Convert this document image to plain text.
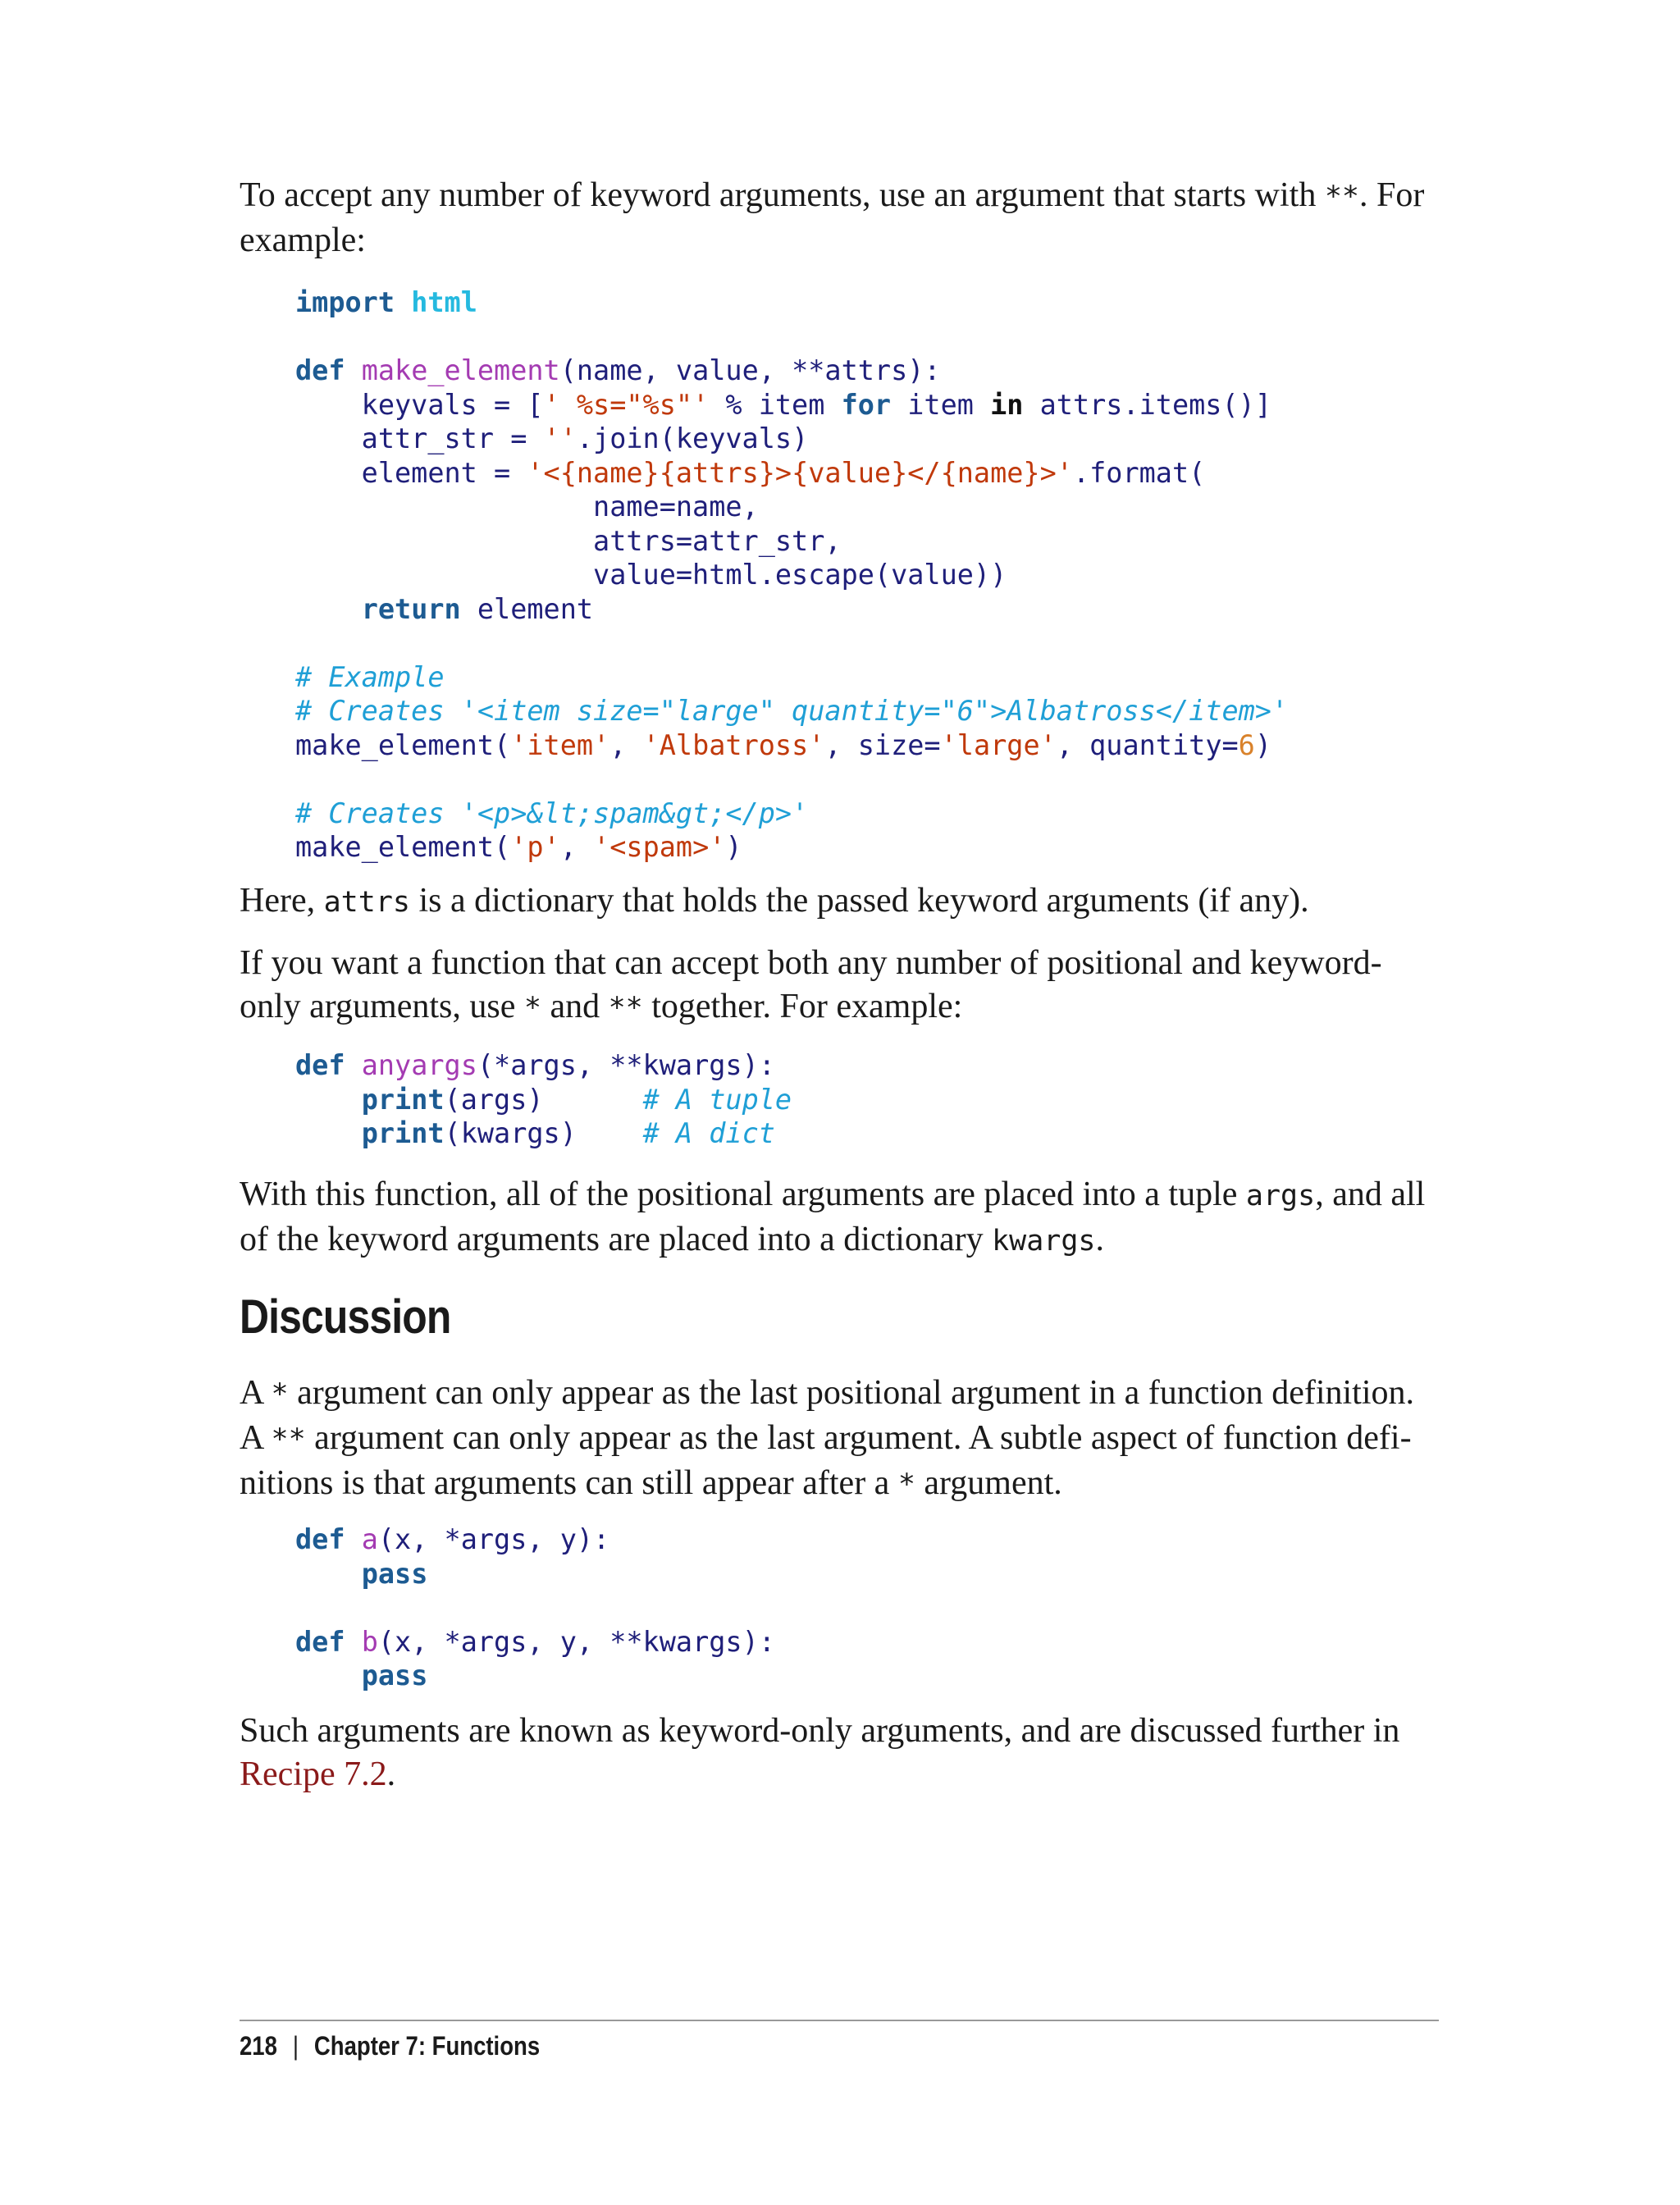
To accept any number of keyword arguments, use an argument that starts with **. For example:

import html

def make_element(name, value, **attrs):
keyvals = [' %s="%s"' % item for item in attrs.items()]
attr_str = ''.join(keyvals)
element = '<{name}{attrs}>{value}</{name}>'.format(
name=name,
attrs=attr_str,
value=html.escape(value))
return element

# Example
# Creates '<item size="large" quantity="6">Albatross</item>'
make_element('item', 'Albatross', size='large', quantity=6)

# Creates '<p>&lt;spam&gt;</p>'
make_element('p', '<spam>')

Here, attrs is a dictionary that holds the passed keyword arguments (if any).

If you want a function that can accept both any number of positional and keyword-only arguments, use * and ** together. For example:

def anyargs(*args, **kwargs):
print(args)      # A tuple
print(kwargs)    # A dict

With this function, all of the positional arguments are placed into a tuple args, and all of the keyword arguments are placed into a dictionary kwargs.

Discussion

A * argument can only appear as the last positional argument in a function definition. A ** argument can only appear as the last argument. A subtle aspect of function definitions is that arguments can still appear after a * argument.

def a(x, *args, y):
pass

def b(x, *args, y, **kwargs):
pass

Such arguments are known as keyword-only arguments, and are discussed further in Recipe 7.2.

218 | Chapter 7: Functions
